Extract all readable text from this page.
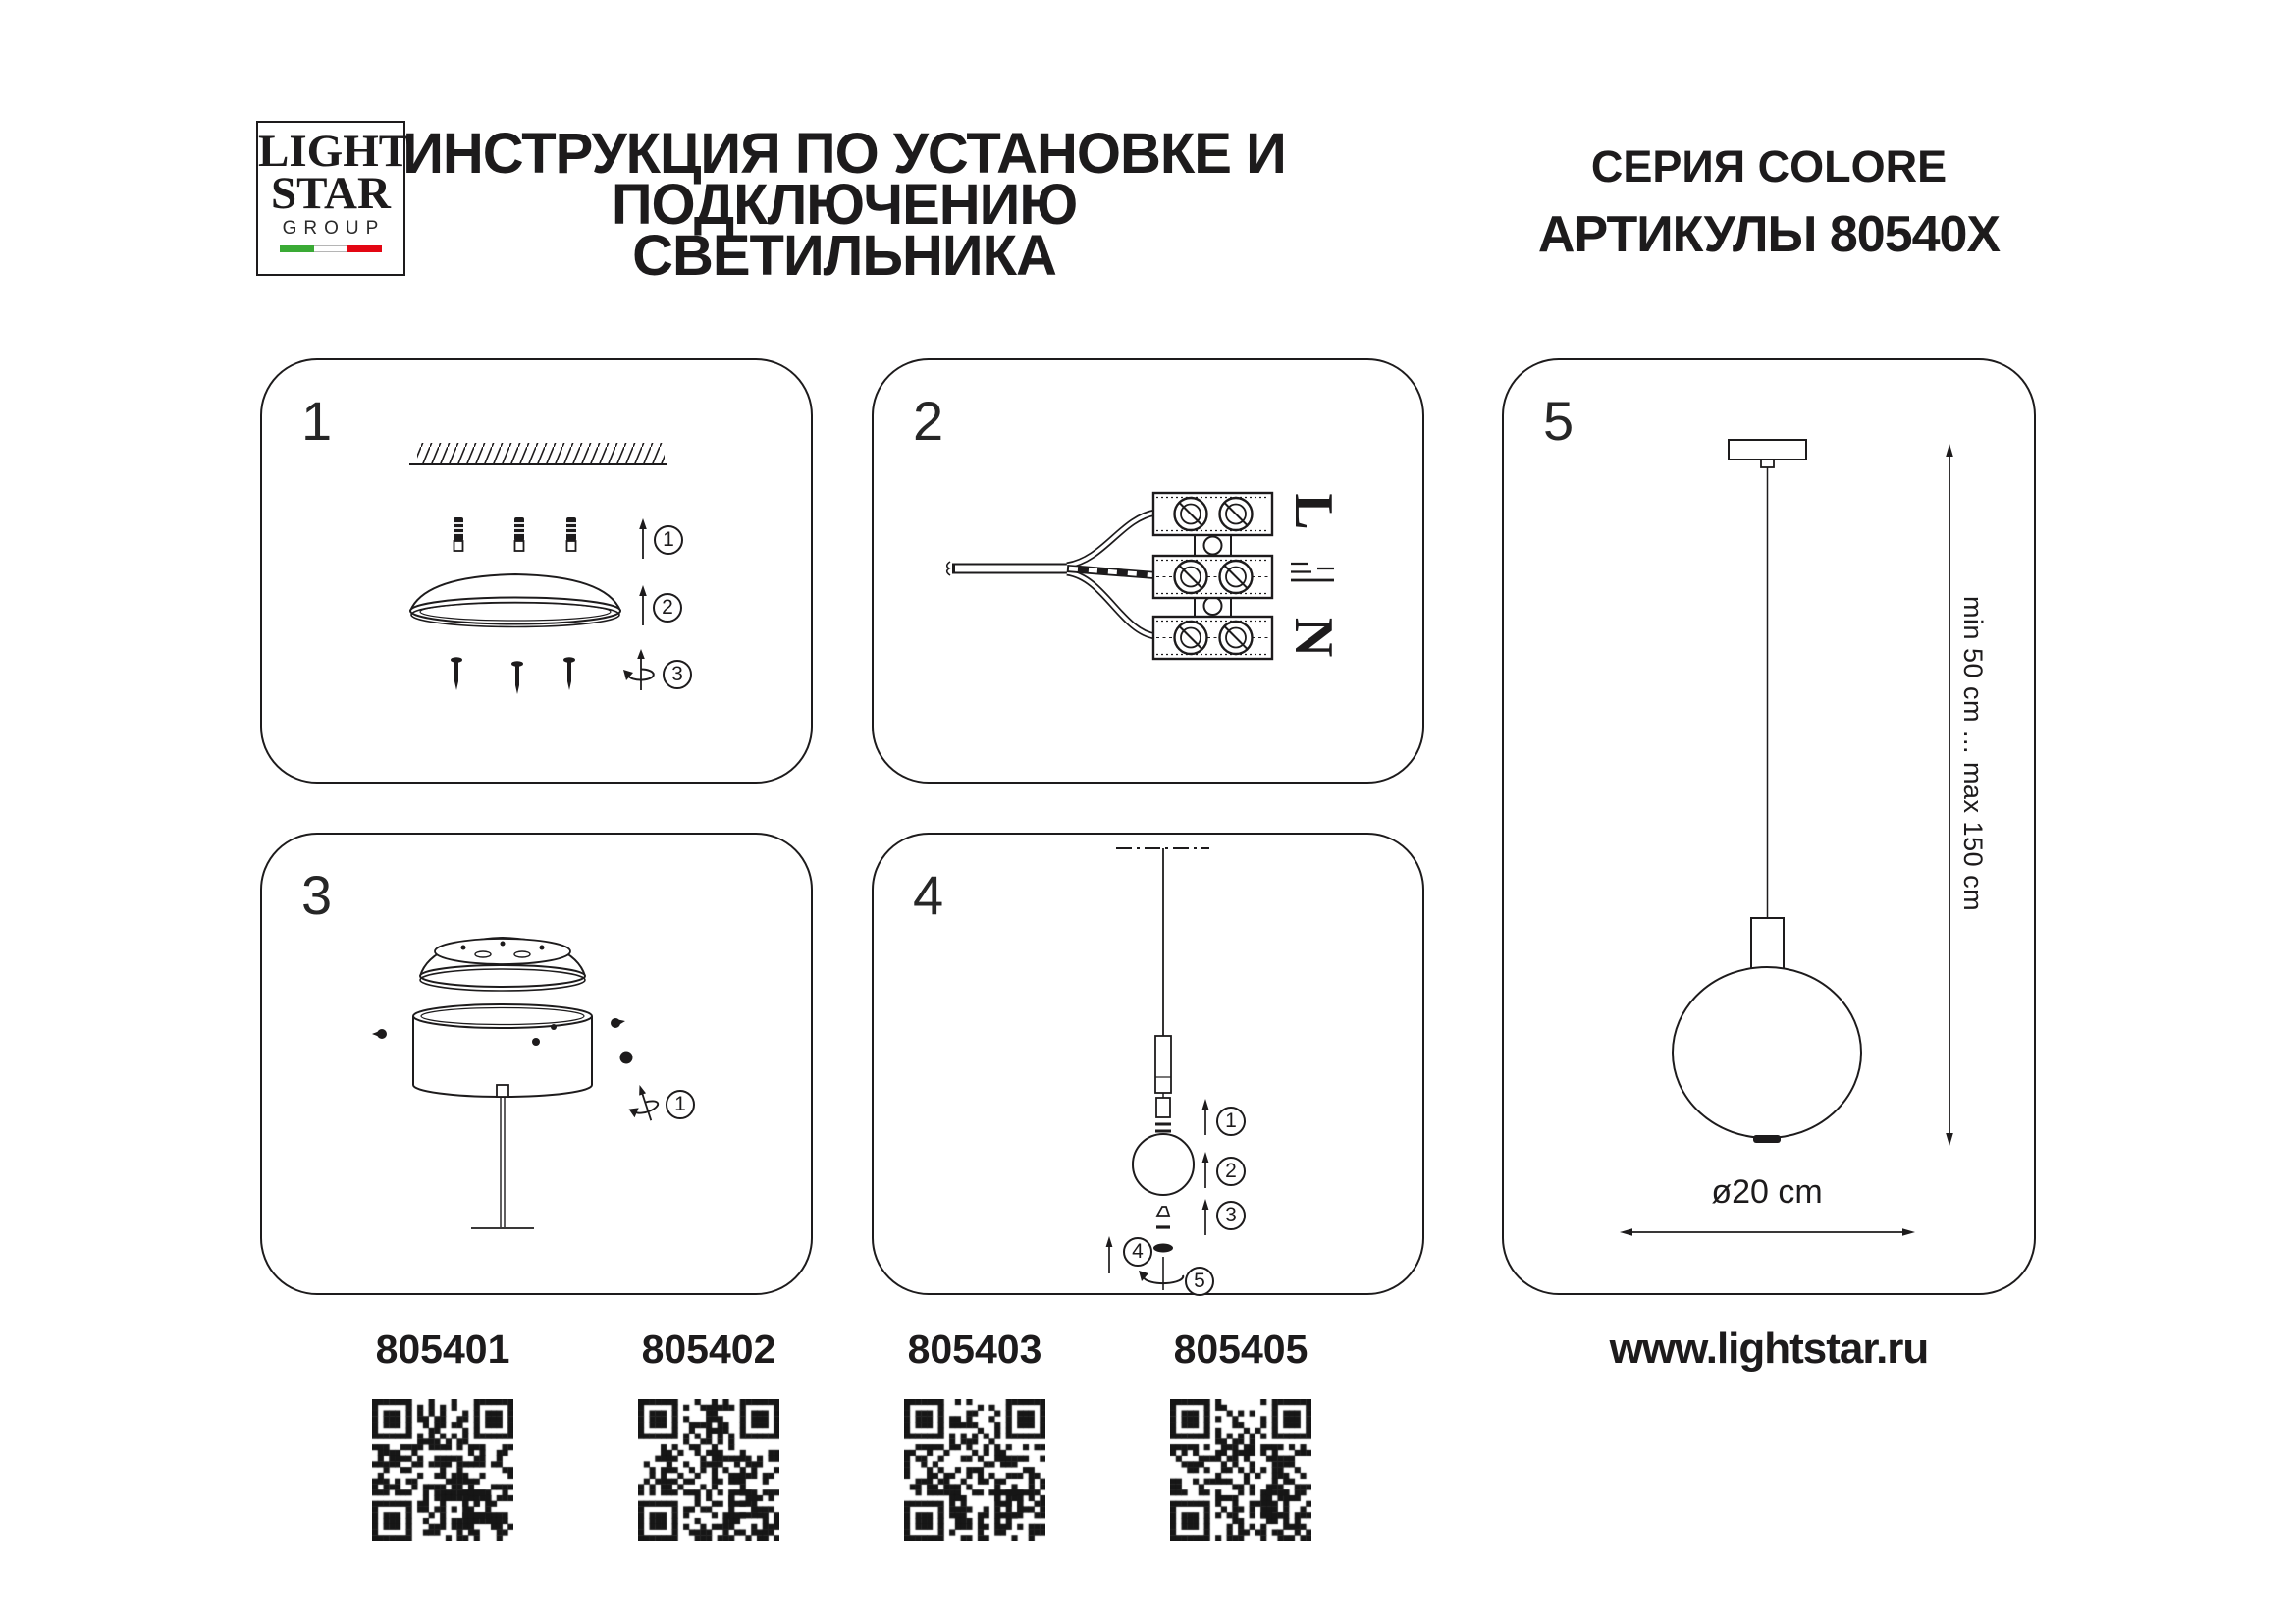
LIGHT
STAR
GROUP
ИНСТРУКЦИЯ ПО УСТАНОВКЕ И
ПОДКЛЮЧЕНИЮ СВЕТИЛЬНИКА
СЕРИЯ COLORE
АРТИКУЛЫ 80540X
1
1
2
3
2
L
N
3
1
4
1
2
3
4
5
5
min 50 cm ... max 150 cm
ø20 cm
805401	805402	805403	805405	www.lightstar.ru
